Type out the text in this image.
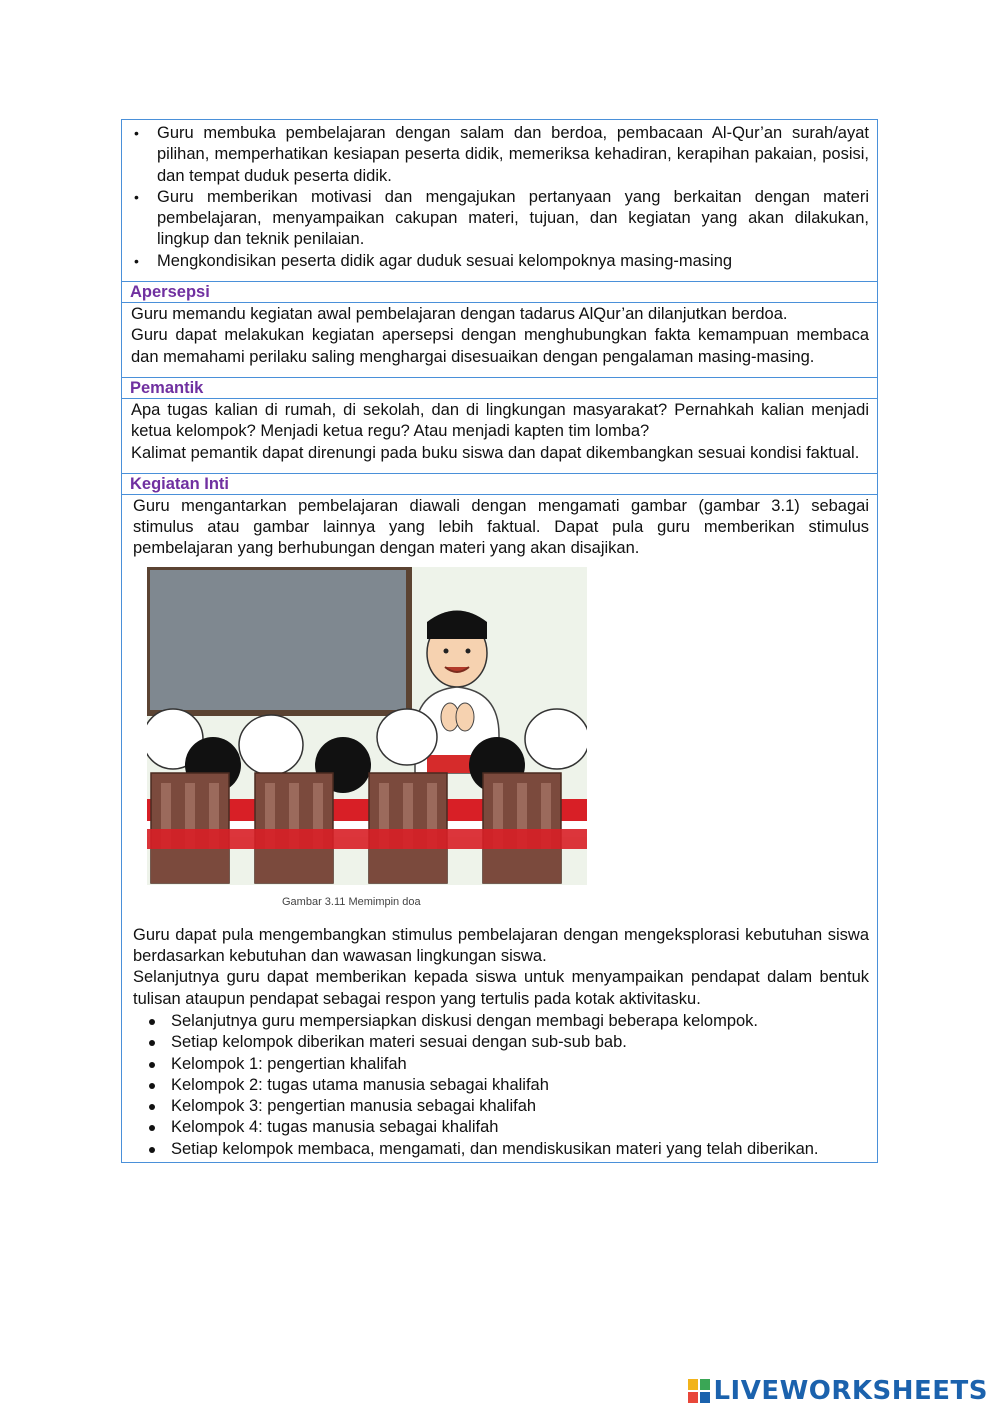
• Guru membuka pembelajaran dengan salam dan berdoa, pembacaan Al-Qur’an surah/ayat pilihan, memperhatikan kesiapan peserta didik, memeriksa kehadiran, kerapihan pakaian, posisi, dan tempat duduk peserta didik.
• Guru memberikan motivasi dan mengajukan pertanyaan yang berkaitan dengan materi pembelajaran, menyampaikan cakupan materi, tujuan, dan kegiatan yang akan dilakukan, lingkup dan teknik penilaian.
• Mengkondisikan peserta didik agar duduk sesuai kelompoknya masing-masing
Apersepsi

Guru memandu kegiatan awal pembelajaran dengan tadarus AlQur’an dilanjutkan berdoa.

Guru dapat melakukan kegiatan apersepsi dengan menghubungkan fakta kemampuan membaca dan memahami perilaku saling menghargai disesuaikan dengan pengalaman masing-masing.

Pemantik

Apa tugas kalian di rumah, di sekolah, dan di lingkungan masyarakat? Pernahkah kalian menjadi ketua kelompok? Menjadi ketua regu? Atau menjadi kapten tim lomba?

Kalimat pemantik dapat direnungi pada buku siswa dan dapat dikembangkan sesuai kondisi faktual.

Kegiatan Inti

Guru mengantarkan pembelajaran diawali dengan mengamati gambar (gambar 3.1) sebagai stimulus atau gambar lainnya yang lebih faktual. Dapat pula guru memberikan stimulus pembelajaran yang berhubungan dengan materi yang akan disajikan.

Gambar 3.11 Memimpin doa

Guru dapat pula mengembangkan stimulus pembelajaran dengan mengeksplorasi kebutuhan siswa berdasarkan kebutuhan dan wawasan lingkungan siswa.

Selanjutnya guru dapat memberikan kepada siswa untuk menyampaikan pendapat dalam bentuk tulisan ataupun pendapat sebagai respon yang tertulis pada kotak aktivitasku.

Selanjutnya guru mempersiapkan diskusi dengan membagi beberapa kelompok.
Setiap kelompok diberikan materi sesuai dengan sub-sub bab.
Kelompok 1: pengertian khalifah
Kelompok 2: tugas utama manusia sebagai khalifah
Kelompok 3: pengertian manusia sebagai khalifah
Kelompok 4: tugas manusia sebagai khalifah
Setiap kelompok membaca, mengamati, dan mendiskusikan materi yang telah diberikan.
LIVEWORKSHEETS
